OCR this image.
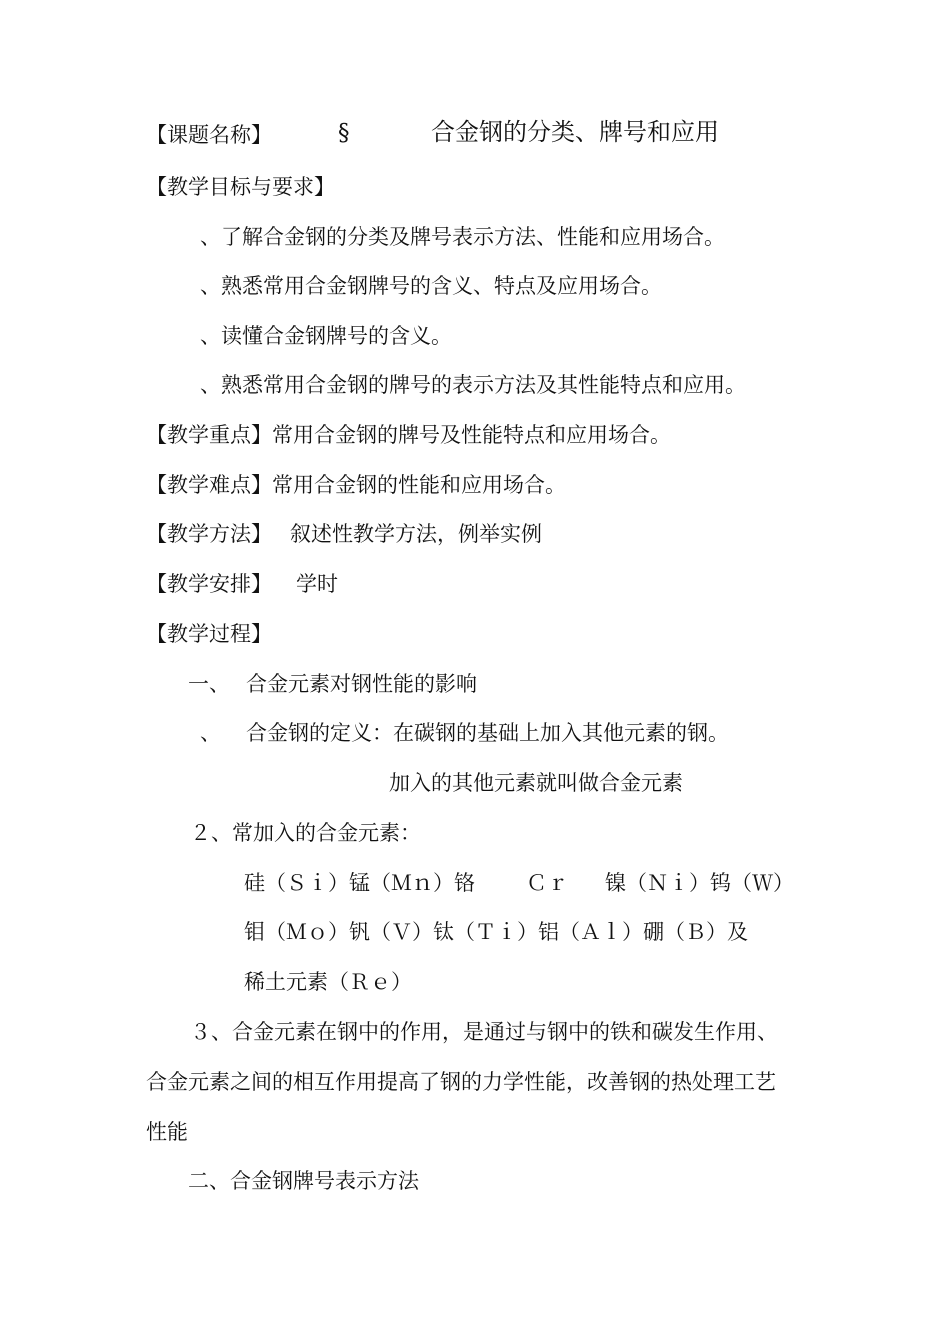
【课题名称】	§	合金钢的分类、牌号和应用
【教学目标与要求】
、了解合金钢的分类及牌号表示方法、性能和应用场合。
、熟悉常用合金钢牌号的含义、特点及应用场合。
、读懂合金钢牌号的含义。
、熟悉常用合金钢的牌号的表示方法及其性能特点和应用。
【教学重点】常用合金钢的牌号及性能特点和应用场合。
【教学难点】常用合金钢的性能和应用场合。
【教学方法】 叙述性教学方法，例举实例
【教学安排】 学时
【教学过程】
一、 合金元素对钢性能的影响
、 合金钢的定义：在碳钢的基础上加入其他元素的钢。
加入的其他元素就叫做合金元素
２、常加入的合金元素：
硅（Ｓｉ）锰（Ｍｎ）铬 Ｃｒ 镍（Ｎｉ）钨（Ｗ）
钼（Ｍｏ）钒（Ｖ）钛（Ｔｉ）铝（Ａｌ）硼（Ｂ）及
稀土元素（Ｒｅ）
３、合金元素在钢中的作用，是通过与钢中的铁和碳发生作用、
合金元素之间的相互作用提高了钢的力学性能，改善钢的热处理工艺
性能
二、合金钢牌号表示方法
